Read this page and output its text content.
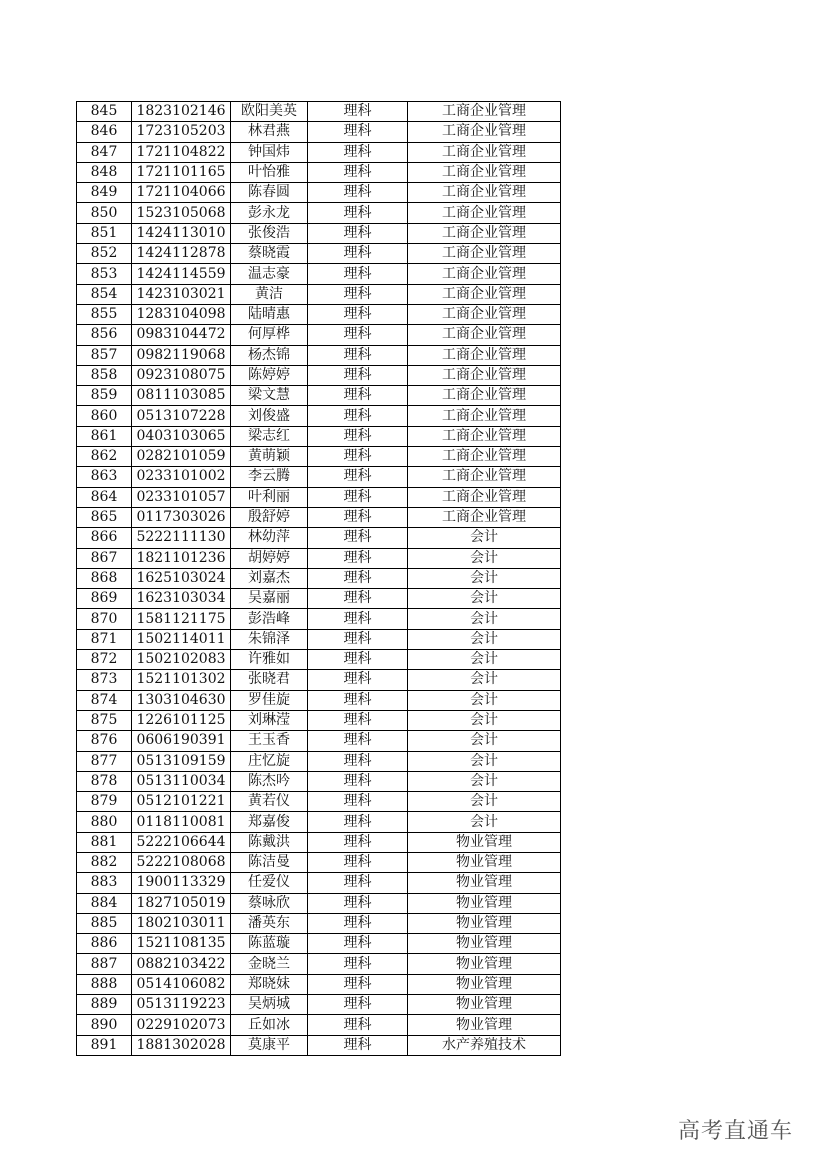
845	1823102146	欧阳美英	理科	工商企业管理
846	1723105203	林君燕	理科	工商企业管理
847	1721104822	钟国炜	理科	工商企业管理
848	1721101165	叶怡雅	理科	工商企业管理
849	1721104066	陈春圆	理科	工商企业管理
850	1523105068	彭永龙	理科	工商企业管理
851	1424113010	张俊浩	理科	工商企业管理
852	1424112878	蔡晓霞	理科	工商企业管理
853	1424114559	温志豪	理科	工商企业管理
854	1423103021	黄洁	理科	工商企业管理
855	1283104098	陆晴惠	理科	工商企业管理
856	0983104472	何厚桦	理科	工商企业管理
857	0982119068	杨杰锦	理科	工商企业管理
858	0923108075	陈婷婷	理科	工商企业管理
859	0811103085	梁文慧	理科	工商企业管理
860	0513107228	刘俊盛	理科	工商企业管理
861	0403103065	梁志红	理科	工商企业管理
862	0282101059	黄萌颖	理科	工商企业管理
863	0233101002	李云腾	理科	工商企业管理
864	0233101057	叶利丽	理科	工商企业管理
865	0117303026	殷舒婷	理科	工商企业管理
866	5222111130	林幼萍	理科	会计
867	1821101236	胡婷婷	理科	会计
868	1625103024	刘嘉杰	理科	会计
869	1623103034	吴嘉丽	理科	会计
870	1581121175	彭浩峰	理科	会计
871	1502114011	朱锦泽	理科	会计
872	1502102083	许雅如	理科	会计
873	1521101302	张晓君	理科	会计
874	1303104630	罗佳旋	理科	会计
875	1226101125	刘琳滢	理科	会计
876	0606190391	王玉香	理科	会计
877	0513109159	庄忆旋	理科	会计
878	0513110034	陈杰吟	理科	会计
879	0512101221	黄若仪	理科	会计
880	0118110081	郑嘉俊	理科	会计
881	5222106644	陈戴洪	理科	物业管理
882	5222108068	陈洁曼	理科	物业管理
883	1900113329	任爱仪	理科	物业管理
884	1827105019	蔡咏欣	理科	物业管理
885	1802103011	潘英东	理科	物业管理
886	1521108135	陈蓝璇	理科	物业管理
887	0882103422	金晓兰	理科	物业管理
888	0514106082	郑晓妹	理科	物业管理
889	0513119223	吴炳城	理科	物业管理
890	0229102073	丘如冰	理科	物业管理
891	1881302028	莫康平	理科	水产养殖技术
高考直通车
